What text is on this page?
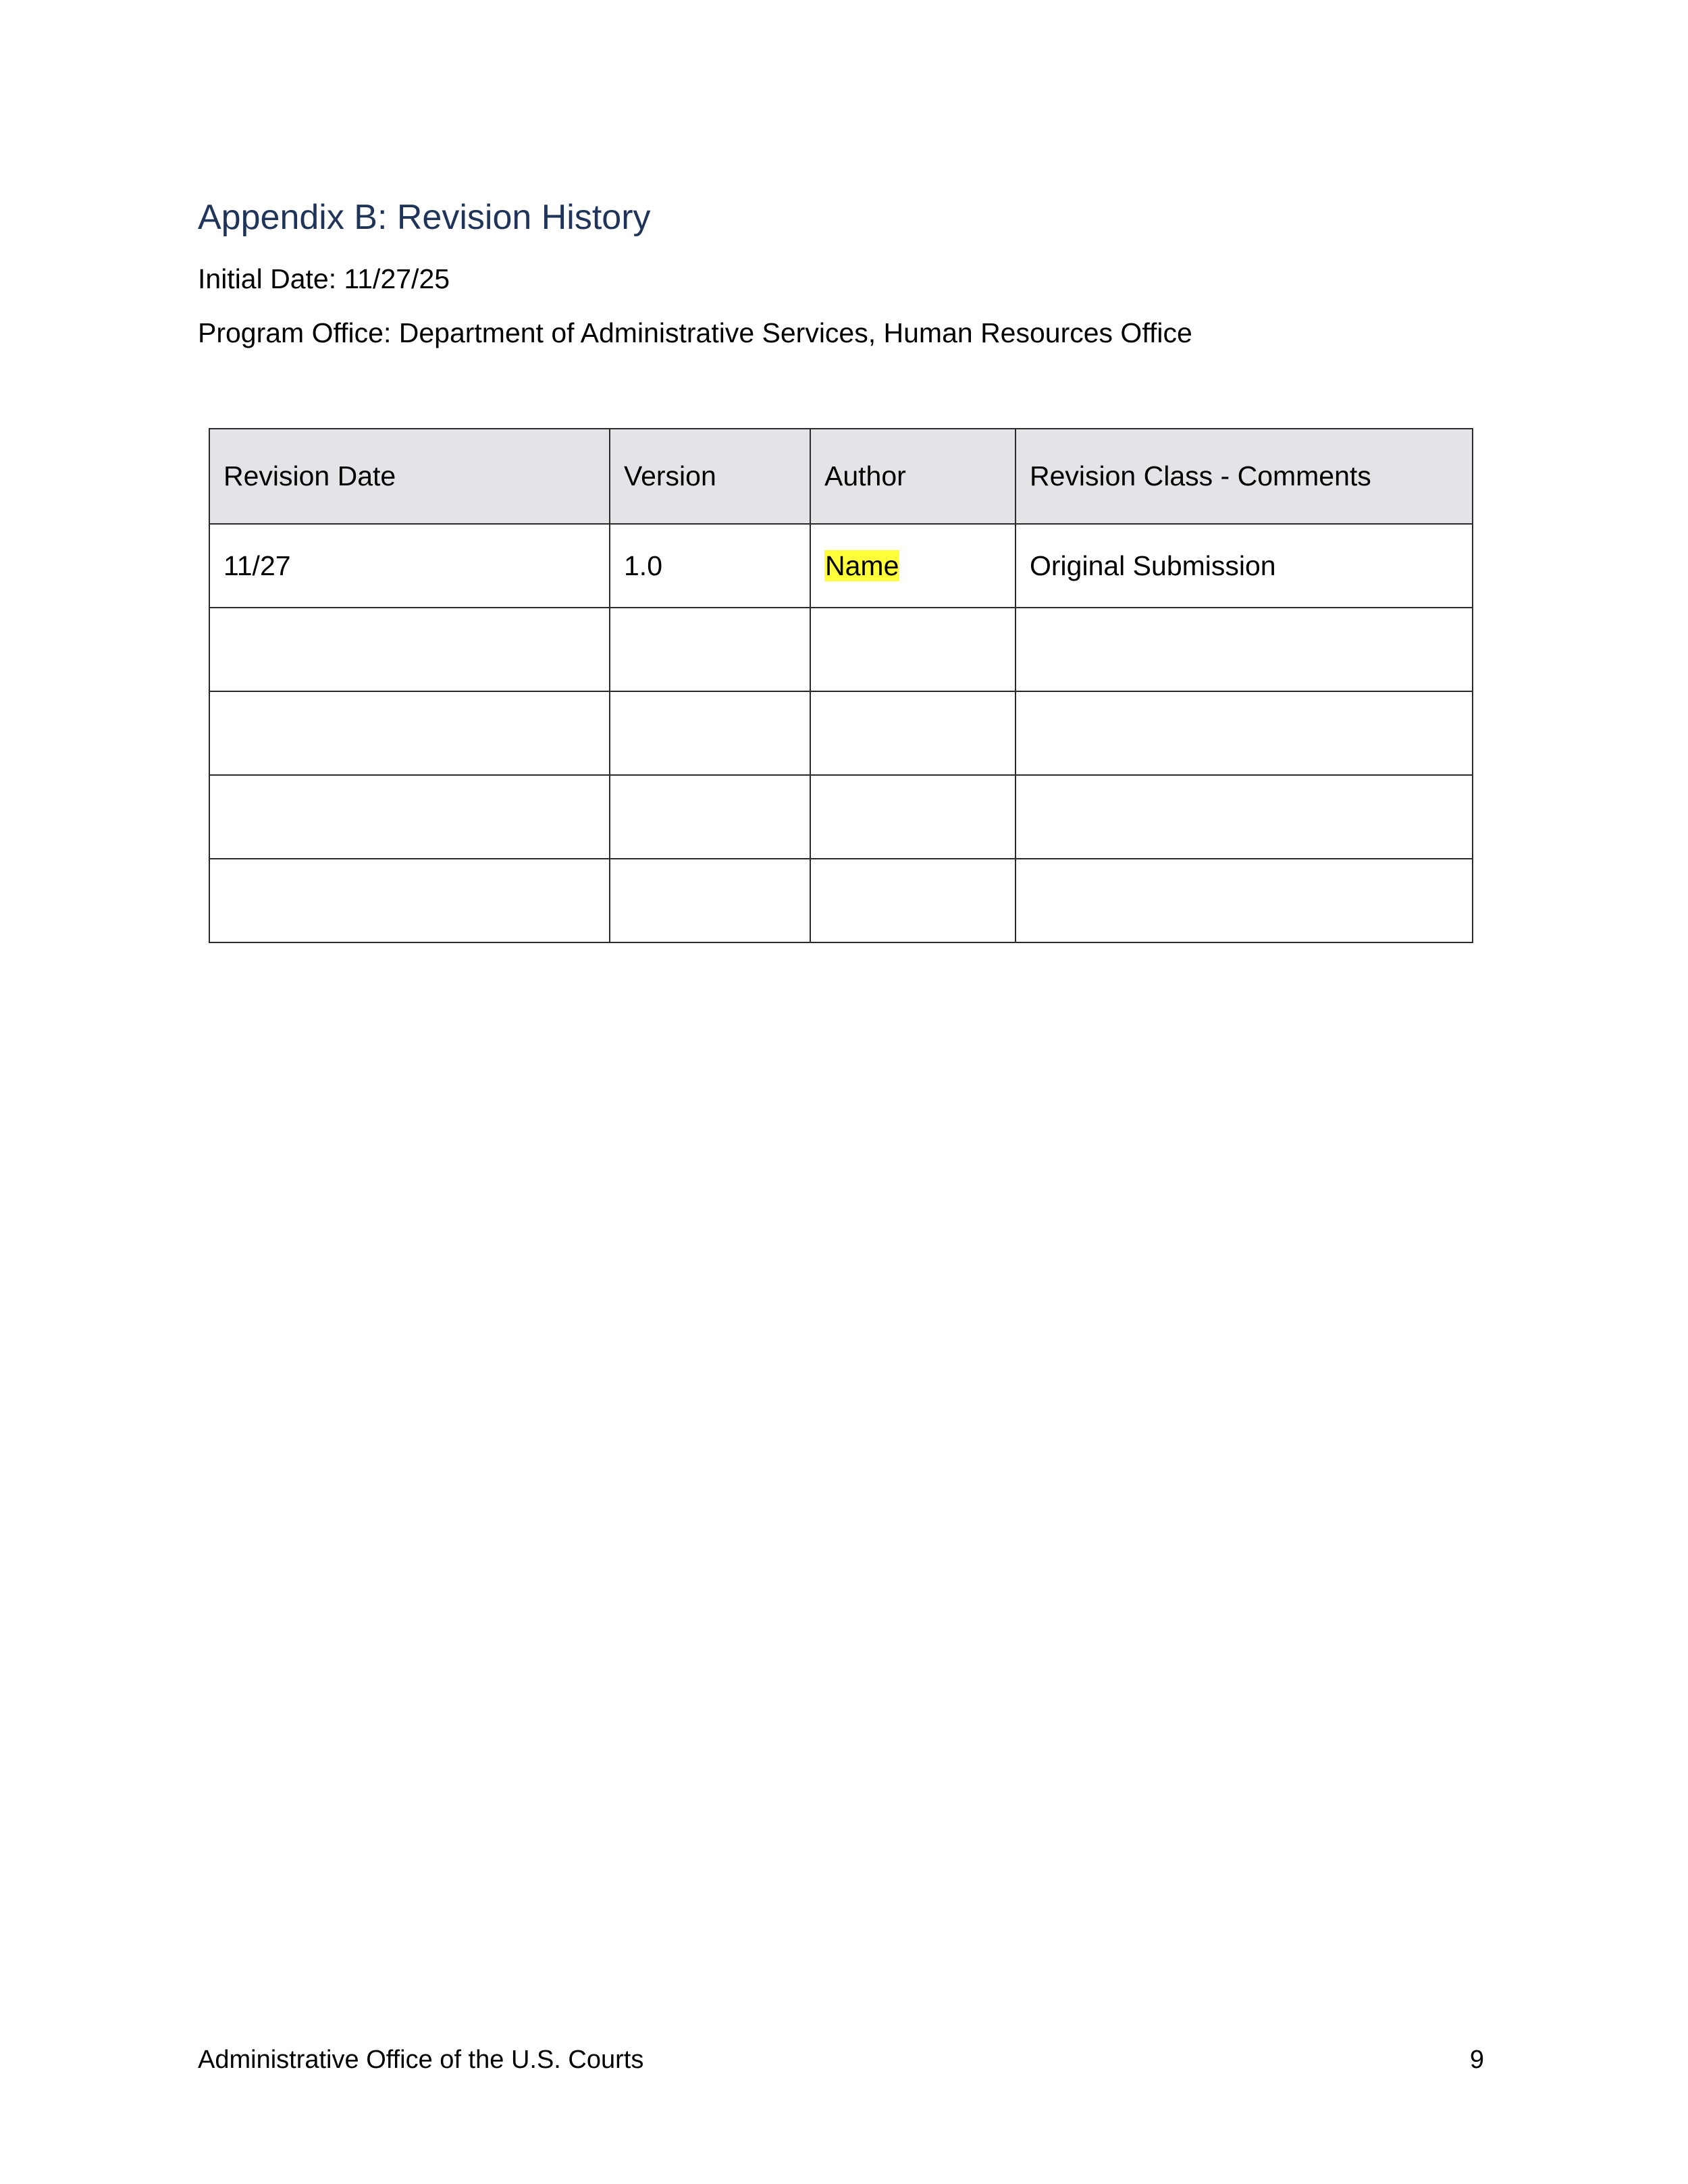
Appendix B: Revision History

Initial Date: 11/27/25

Program Office: Department of Administrative Services, Human Resources Office

Revision Date	Version	Author	Revision Class - Comments
11/27	1.0	Name	Original Submission

Administrative Office of the U.S. Courts	9
